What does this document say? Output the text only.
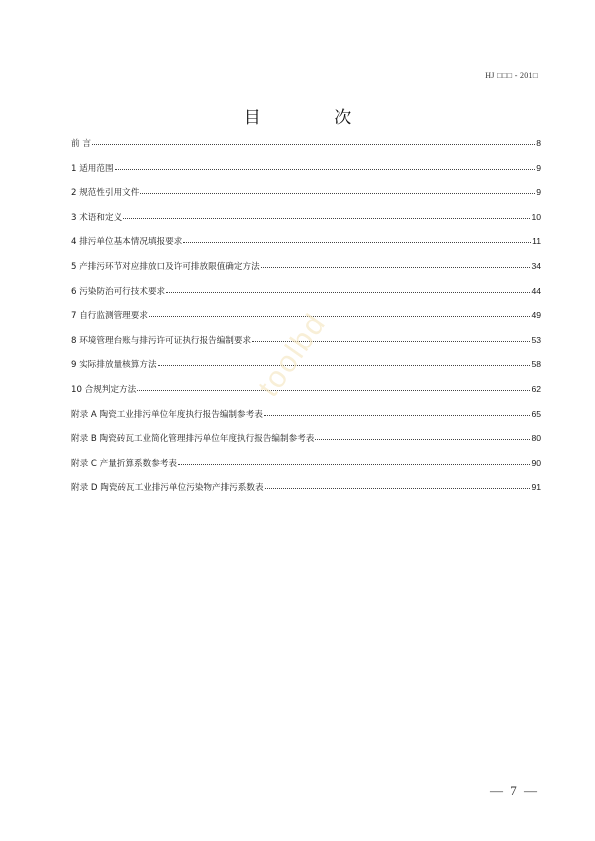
HJ □□□ - 201□
目 次
前 言	8
1 适用范围	9
2 规范性引用文件	9
3 术语和定义	10
4 排污单位基本情况填报要求	11
5 产排污环节对应排放口及许可排放限值确定方法	34
6 污染防治可行技术要求	44
7 自行监测管理要求	49
8 环境管理台账与排污许可证执行报告编制要求	53
9 实际排放量核算方法	58
10 合规判定方法	62
附录 A 陶瓷工业排污单位年度执行报告编制参考表	65
附录 B 陶瓷砖瓦工业简化管理排污单位年度执行报告编制参考表	80
附录 C 产量折算系数参考表	90
附录 D 陶瓷砖瓦工业排污单位污染物产排污系数表	91
toolbd
— 7 —
